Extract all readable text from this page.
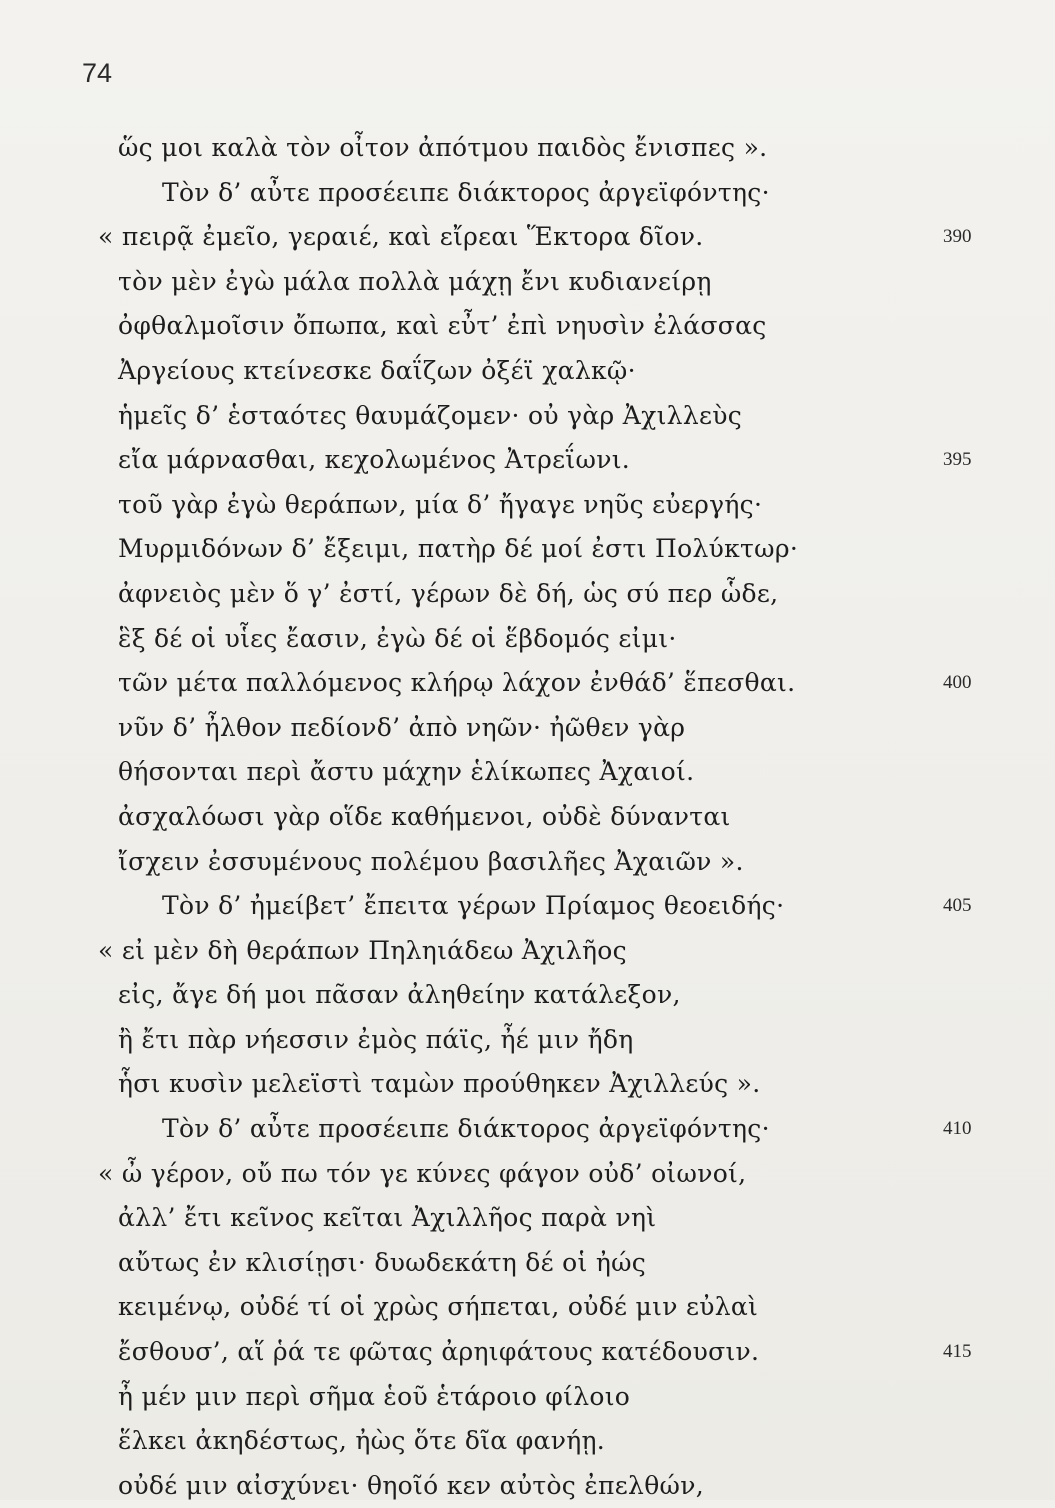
74
ὥς μοι καλὰ τὸν οἶτον ἀπότμου παιδὸς ἔνισπες ».
Τὸν δ’ αὖτε προσέειπε διάκτορος ἀργεϊφόντης·
« πειρᾷ ἐμεῖο, γεραιέ, καὶ εἴρεαι Ἕκτορα δῖον.	390
τὸν μὲν ἐγὼ μάλα πολλὰ μάχῃ ἔνι κυδιανείρῃ
ὀφθαλμοῖσιν ὄπωπα, καὶ εὖτ’ ἐπὶ νηυσὶν ἐλάσσας
Ἀργείους κτείνεσκε δαΐζων ὀξέϊ χαλκῷ·
ἡμεῖς δ’ ἑσταότες θαυμάζομεν· οὐ γὰρ Ἀχιλλεὺς
εἴα μάρνασθαι, κεχολωμένος Ἀτρεΐωνι.	395
τοῦ γὰρ ἐγὼ θεράπων, μία δ’ ἤγαγε νηῦς εὐεργής·
Μυρμιδόνων δ’ ἔξειμι, πατὴρ δέ μοί ἐστι Πολύκτωρ·
ἀφνειὸς μὲν ὅ γ’ ἐστί, γέρων δὲ δή, ὡς σύ περ ὧδε,
ἓξ δέ οἱ υἷες ἔασιν, ἐγὼ δέ οἱ ἕβδομός εἰμι·
τῶν μέτα παλλόμενος κλήρῳ λάχον ἐνθάδ’ ἕπεσθαι.	400
νῦν δ’ ἦλθον πεδίονδ’ ἀπὸ νηῶν· ἠῶθεν γὰρ
θήσονται περὶ ἄστυ μάχην ἑλίκωπες Ἀχαιοί.
ἀσχαλόωσι γὰρ οἵδε καθήμενοι, οὐδὲ δύνανται
ἴσχειν ἐσσυμένους πολέμου βασιλῆες Ἀχαιῶν ».
Τὸν δ’ ἠμείβετ’ ἔπειτα γέρων Πρίαμος θεοειδής·	405
« εἰ μὲν δὴ θεράπων Πηληιάδεω Ἀχιλῆος
εἰς, ἄγε δή μοι πᾶσαν ἀληθείην κατάλεξον,
ἢ ἔτι πὰρ νήεσσιν ἐμὸς πάϊς, ἦέ μιν ἤδη
ἧσι κυσὶν μελεϊστὶ ταμὼν προύθηκεν Ἀχιλλεύς ».
Τὸν δ’ αὖτε προσέειπε διάκτορος ἀργεϊφόντης·	410
« ὦ γέρον, οὔ πω τόν γε κύνες φάγον οὐδ’ οἰωνοί,
ἀλλ’ ἔτι κεῖνος κεῖται Ἀχιλλῆος παρὰ νηὶ
αὔτως ἐν κλισίῃσι· δυωδεκάτη δέ οἱ ἠώς
κειμένῳ, οὐδέ τί οἱ χρὼς σήπεται, οὐδέ μιν εὐλαὶ
ἔσθουσ’, αἵ ῥά τε φῶτας ἀρηιφάτους κατέδουσιν.	415
ἦ μέν μιν περὶ σῆμα ἑοῦ ἑτάροιο φίλοιο
ἕλκει ἀκηδέστως, ἠὼς ὅτε δῖα φανήῃ.
οὐδέ μιν αἰσχύνει· θηοῖό κεν αὐτὸς ἐπελθών,
